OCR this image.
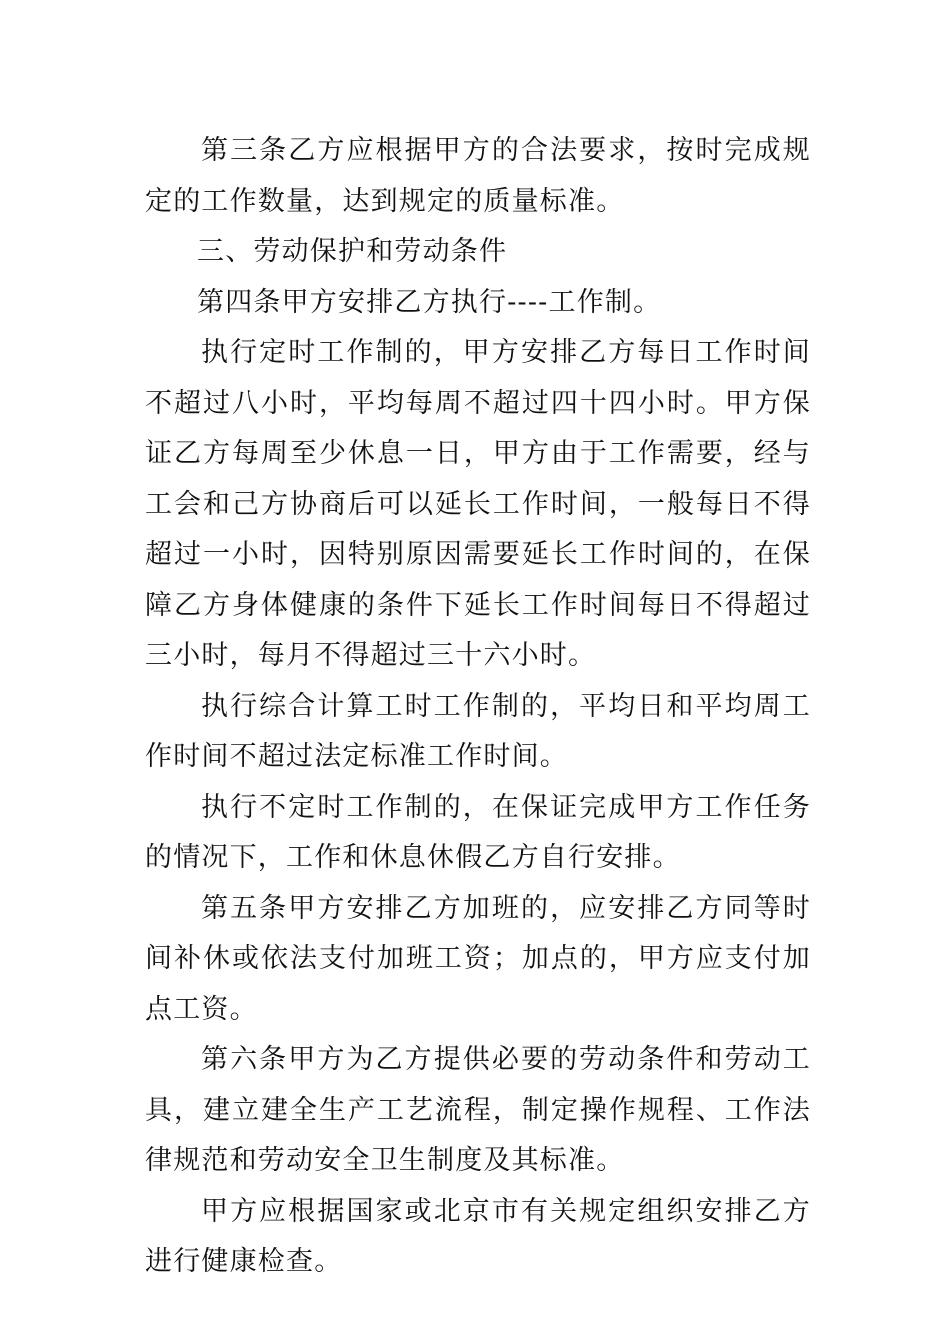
第三条乙方应根据甲方的合法要求，按时完成规定的工作数量，达到规定的质量标准。

三、劳动保护和劳动条件

第四条甲方安排乙方执行----工作制。

执行定时工作制的，甲方安排乙方每日工作时间不超过八小时，平均每周不超过四十四小时。甲方保证乙方每周至少休息一日，甲方由于工作需要，经与工会和己方协商后可以延长工作时间，一般每日不得超过一小时，因特别原因需要延长工作时间的，在保障乙方身体健康的条件下延长工作时间每日不得超过三小时，每月不得超过三十六小时。

执行综合计算工时工作制的，平均日和平均周工作时间不超过法定标准工作时间。

执行不定时工作制的，在保证完成甲方工作任务的情况下，工作和休息休假乙方自行安排。

第五条甲方安排乙方加班的，应安排乙方同等时间补休或依法支付加班工资；加点的，甲方应支付加点工资。

第六条甲方为乙方提供必要的劳动条件和劳动工具，建立建全生产工艺流程，制定操作规程、工作法律规范和劳动安全卫生制度及其标准。

甲方应根据国家或北京市有关规定组织安排乙方进行健康检查。
